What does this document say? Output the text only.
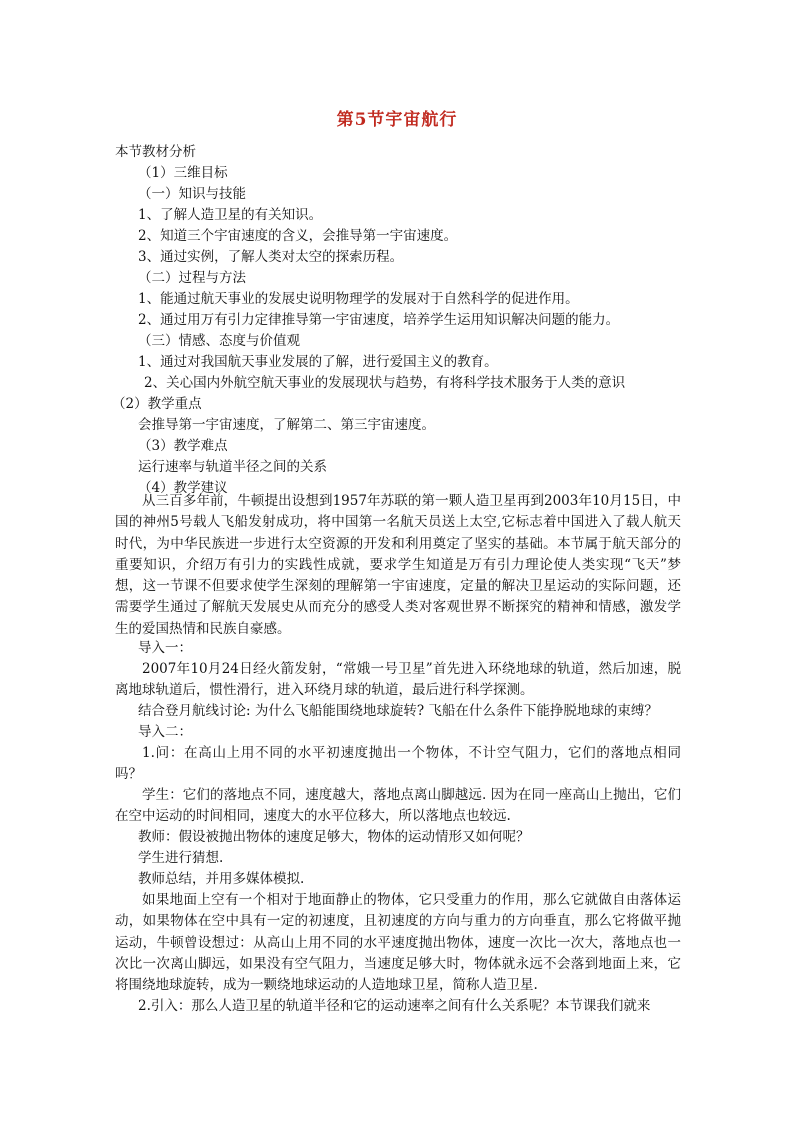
第5节宇宙航行
本节教材分析
（1）三维目标
（一）知识与技能
1、了解人造卫星的有关知识。
2、知道三个宇宙速度的含义，会推导第一宇宙速度。
3、通过实例，了解人类对太空的探索历程。
（二）过程与方法
1、能通过航天事业的发展史说明物理学的发展对于自然科学的促进作用。
2、通过用万有引力定律推导第一宇宙速度，培养学生运用知识解决问题的能力。
（三）情感、态度与价值观
1、通过对我国航天事业发展的了解，进行爱国主义的教育。
2、关心国内外航空航天事业的发展现状与趋势，有将科学技术服务于人类的意识
（2）教学重点
会推导第一宇宙速度，了解第二、第三宇宙速度。
（3）教学难点
运行速率与轨道半径之间的关系
（4）教学建议
从三百多年前，牛顿提出设想到1957年苏联的第一颗人造卫星再到2003年10月15日，中国的神州5号载人飞船发射成功，将中国第一名航天员送上太空,它标志着中国进入了载人航天时代，为中华民族进一步进行太空资源的开发和利用奠定了坚实的基础。本节属于航天部分的重要知识，介绍万有引力的实践性成就，要求学生知道是万有引力理论使人类实现“飞天”梦想，这一节课不但要求使学生深刻的理解第一宇宙速度，定量的解决卫星运动的实际问题，还需要学生通过了解航天发展史从而充分的感受人类对客观世界不断探究的精神和情感，激发学生的爱国热情和民族自豪感。
导入一：
2007年10月24日经火箭发射，“常娥一号卫星”首先进入环绕地球的轨道，然后加速，脱离地球轨道后，惯性滑行，进入环绕月球的轨道，最后进行科学探测。
结合登月航线讨论: 为什么飞船能围绕地球旋转? 飞船在什么条件下能挣脱地球的束缚？
导入二：
1.问：在高山上用不同的水平初速度抛出一个物体，不计空气阻力，它们的落地点相同吗？
学生：它们的落地点不同，速度越大，落地点离山脚越远. 因为在同一座高山上抛出，它们在空中运动的时间相同，速度大的水平位移大，所以落地点也较远.
教师：假设被抛出物体的速度足够大，物体的运动情形又如何呢？
学生进行猜想.
教师总结，并用多媒体模拟.
如果地面上空有一个相对于地面静止的物体，它只受重力的作用，那么它就做自由落体运动，如果物体在空中具有一定的初速度，且初速度的方向与重力的方向垂直，那么它将做平抛运动，牛顿曾设想过：从高山上用不同的水平速度抛出物体，速度一次比一次大，落地点也一次比一次离山脚远，如果没有空气阻力，当速度足够大时，物体就永远不会落到地面上来，它将围绕地球旋转，成为一颗绕地球运动的人造地球卫星，简称人造卫星.
2.引入：那么人造卫星的轨道半径和它的运动速率之间有什么关系呢？本节课我们就来
